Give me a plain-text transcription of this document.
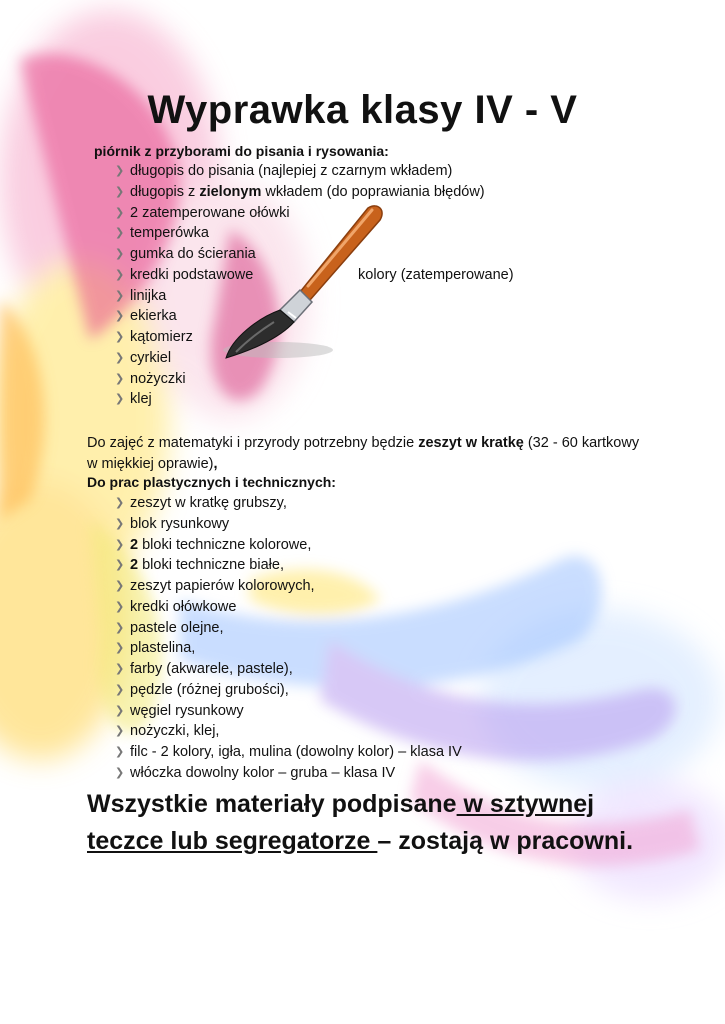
Wyprawka klasy IV - V

piórnik z przyborami do pisania i rysowania:

❯ długopis do pisania (najlepiej z czarnym wkładem)
❯ długopis z zielonym wkładem (do poprawiania błędów)
❯ 2 zatemperowane ołówki
❯ temperówka
❯ gumka do ścierania
❯ kredki podstawowe
❯ linijka
❯ ekierka
❯ kątomierz
❯ cyrkiel
❯ nożyczki
❯ klej
kolory (zatemperowane)

Do zajęć z matematyki i przyrody potrzebny będzie zeszyt w kratkę (32 - 60 kartkowy w miękkiej oprawie),

Do prac plastycznych i technicznych:

❯ zeszyt w kratkę grubszy,
❯ blok rysunkowy
❯ 2 bloki techniczne kolorowe,
❯ 2 bloki techniczne białe,
❯ zeszyt papierów kolorowych,
❯ kredki ołówkowe
❯ pastele olejne,
❯ plastelina,
❯ farby (akwarele, pastele),
❯ pędzle (różnej grubości),
❯ węgiel rysunkowy
❯ nożyczki, klej,
❯ filc - 2 kolory, igła, mulina (dowolny kolor) – klasa IV
❯ włóczka dowolny kolor – gruba – klasa IV

Wszystkie materiały podpisane w sztywnej teczce lub segregatorze – zostają w pracowni.
